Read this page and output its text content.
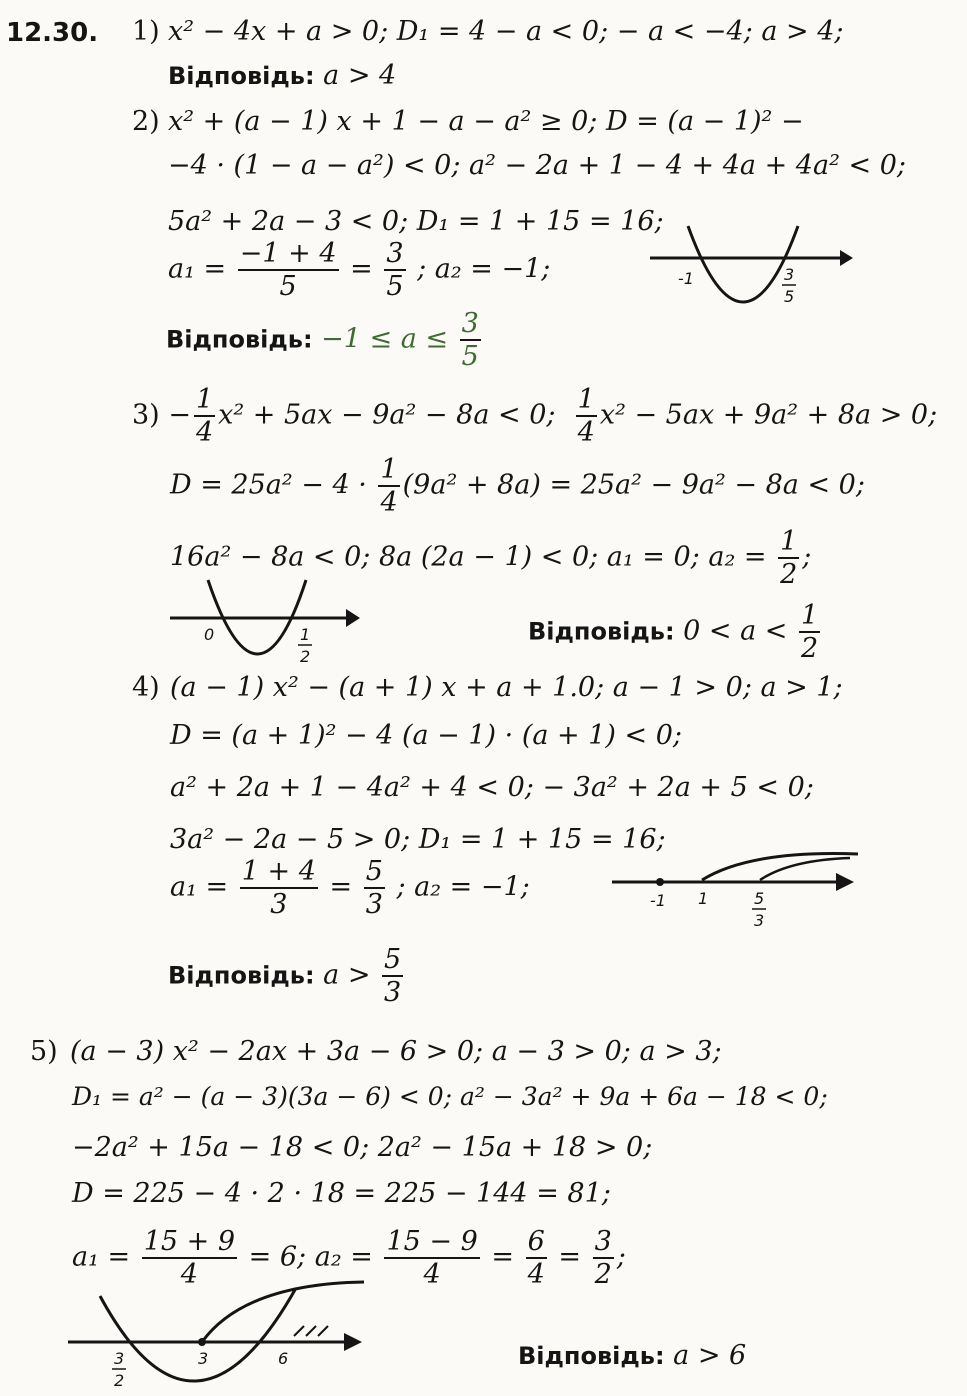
12.30. 1) x² − 4x + a > 0; D₁ = 4 − a < 0; − a < −4; a > 4;
Відповідь: a > 4
2) x² + (a − 1) x + 1 − a − a² ≥ 0; D = (a − 1)² −
−4 · (1 − a − a²) < 0; a² − 2a + 1 − 4 + 4a + 4a² < 0;
5a² + 2a − 3 < 0; D₁ = 1 + 15 = 16;
$a_1 = \frac{-1 + 4}{5} = \frac{3}{5}$ ; a₂ = −1;	-1	3
5
Відповідь: $-1 \le a \le \frac{3}{5}$
$3) - \frac{1}{4} x^2 + 5ax - 9a^2 - 8a < 0$; $\frac{1}{4} x^2 - 5ax + 9a^2 + 8a > 0$;
$D = 25a^2 - 4 \cdot \frac{1}{4} (9a^2 + 8a) = 25a^2 - 9a^2 - 8a < 0$;
16a² − 8a < 0; 8a (2a − 1) < 0; a₁ = 0; $a_2 = \frac{1}{2}$ ;
0	1
2
Відповідь: $0 < a < \frac{1}{2}$
4) (a − 1) x² − (a + 1) x + a + 1.0; a − 1 > 0; a > 1;
D = (a + 1)² − 4 (a − 1) · (a + 1) < 0;
a² + 2a + 1 − 4a² + 4 < 0; − 3a² + 2a + 5 < 0;
3a² − 2a − 5 > 0; D₁ = 1 + 15 = 16;
$a_1 = \frac{1 + 4}{3} = \frac{5}{3}$ ; a₂ = −1;	-1 1	5
3
Відповідь: $a > \frac{5}{3}$
5) (a − 3) x² − 2ax + 3a − 6 > 0; a − 3 > 0; a > 3;
D₁ = a² − (a − 3)(3a − 6) < 0; a² − 3a² + 9a + 6a − 18 < 0;
−2a² + 15a − 18 < 0; 2a² − 15a + 18 > 0;
D = 225 − 4 · 2 · 18 = 225 − 144 = 81;
$a_1 = \frac{15 + 9}{4} = 6$; $a_2 = \frac{15 - 9}{4} = \frac{6}{4} = \frac{3}{2}$ ;
3
2
3	6	Відповідь: a > 6
